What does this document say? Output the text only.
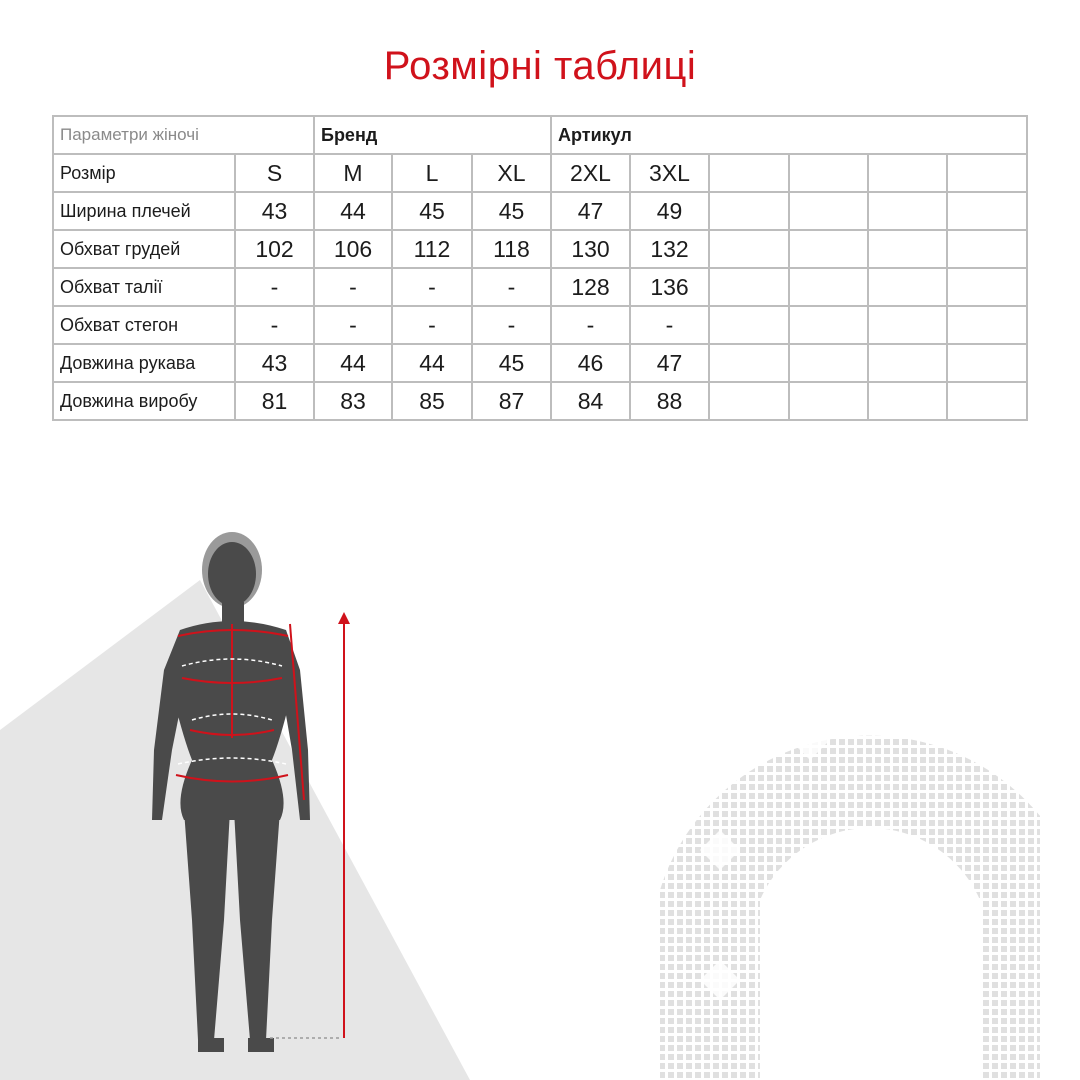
Розмірні таблиці
Параметри жіночі		Бренд			Артикул					
Розмір	S	M	L	XL	2XL	3XL				
Ширина плечей	43	44	45	45	47	49				
Обхват грудей	102	106	112	118	130	132				
Обхват талії	-	-	-	-	128	136				
Обхват стегон	-	-	-	-	-	-				
Довжина рукава	43	44	44	45	46	47				
Довжина виробу	81	83	85	87	84	88				
